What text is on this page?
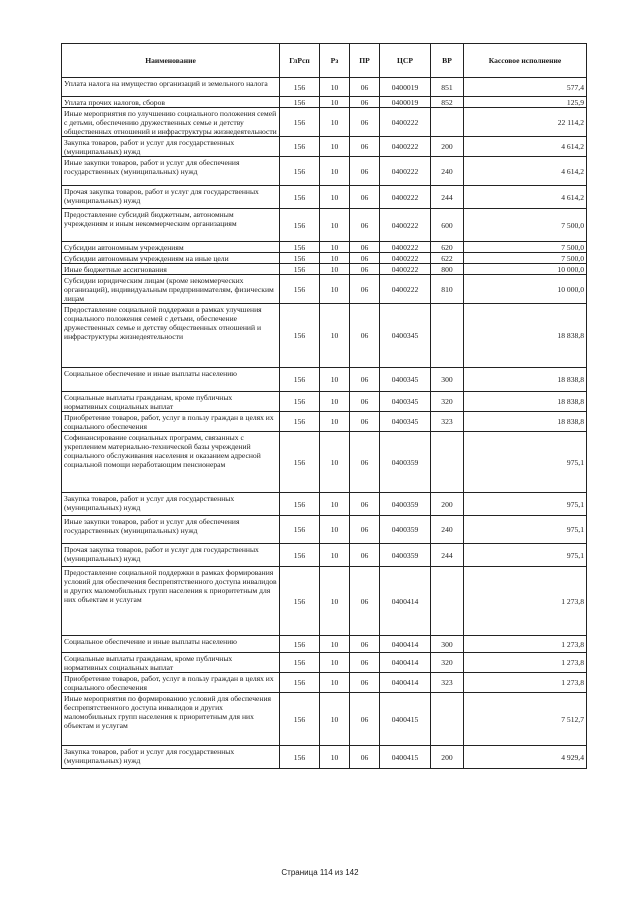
Наименование	ГлРсп	Рз	ПР	ЦСР	ВР	Кассовое исполнение
Уплата налога на имущество организаций и земельного налога	156	10	06	0400019	851	577,4
Уплата прочих налогов, сборов	156	10	06	0400019	852	125,9
Иные мероприятия по улучшению социального положения семей с детьми, обеспечению дружественных семье и детству общественных отношений и инфраструктуры жизнедеятельности	156	10	06	0400222		22 114,2
Закупка товаров, работ и услуг для государственных (муниципальных) нужд	156	10	06	0400222	200	4 614,2
Иные закупки товаров, работ и услуг для обеспечения государственных (муниципальных) нужд	156	10	06	0400222	240	4 614,2
Прочая закупка товаров, работ и услуг для государственных (муниципальных) нужд	156	10	06	0400222	244	4 614,2
Предоставление субсидий бюджетным, автономным учреждениям и иным некоммерческим организациям	156	10	06	0400222	600	7 500,0
Субсидии автономным учреждениям	156	10	06	0400222	620	7 500,0
Субсидии автономным учреждениям на иные цели	156	10	06	0400222	622	7 500,0
Иные бюджетные ассигнования	156	10	06	0400222	800	10 000,0
Субсидии юридическим лицам (кроме некоммерческих организаций), индивидуальным предпринимателям, физическим лицам	156	10	06	0400222	810	10 000,0
Предоставление социальной поддержки в рамках улучшения социального положения семей с детьми, обеспечение дружественных семье и детству общественных отношений и инфраструктуры жизнедеятельности	156	10	06	0400345		18 838,8
Социальное обеспечение и иные выплаты населению	156	10	06	0400345	300	18 838,8
Социальные выплаты гражданам, кроме публичных нормативных социальных выплат	156	10	06	0400345	320	18 838,8
Приобретение товаров, работ, услуг в пользу граждан в целях их социального обеспечения	156	10	06	0400345	323	18 838,8
Софинансирование социальных программ, связанных с укреплением материально-технической базы учреждений социального обслуживания населения и оказанием адресной социальной помощи неработающим пенсионерам	156	10	06	0400359		975,1
Закупка товаров, работ и услуг для государственных (муниципальных) нужд	156	10	06	0400359	200	975,1
Иные закупки товаров, работ и услуг для обеспечения государственных (муниципальных) нужд	156	10	06	0400359	240	975,1
Прочая закупка товаров, работ и услуг для государственных (муниципальных) нужд	156	10	06	0400359	244	975,1
Предоставление социальной поддержки в рамках формирования условий для обеспечения беспрепятственного доступа инвалидов и других маломобильных групп населения к приоритетным для них объектам и услугам	156	10	06	0400414		1 273,8
Социальное обеспечение и иные выплаты населению	156	10	06	0400414	300	1 273,8
Социальные выплаты гражданам, кроме публичных нормативных социальных выплат	156	10	06	0400414	320	1 273,8
Приобретение товаров, работ, услуг в пользу граждан в целях их социального обеспечения	156	10	06	0400414	323	1 273,8
Иные мероприятия по формированию условий для обеспечения беспрепятственного доступа инвалидов и других маломобильных групп населения к приоритетным для них объектам и услугам	156	10	06	0400415		7 512,7
Закупка товаров, работ и услуг для государственных (муниципальных) нужд	156	10	06	0400415	200	4 929,4
Страница 114 из 142
